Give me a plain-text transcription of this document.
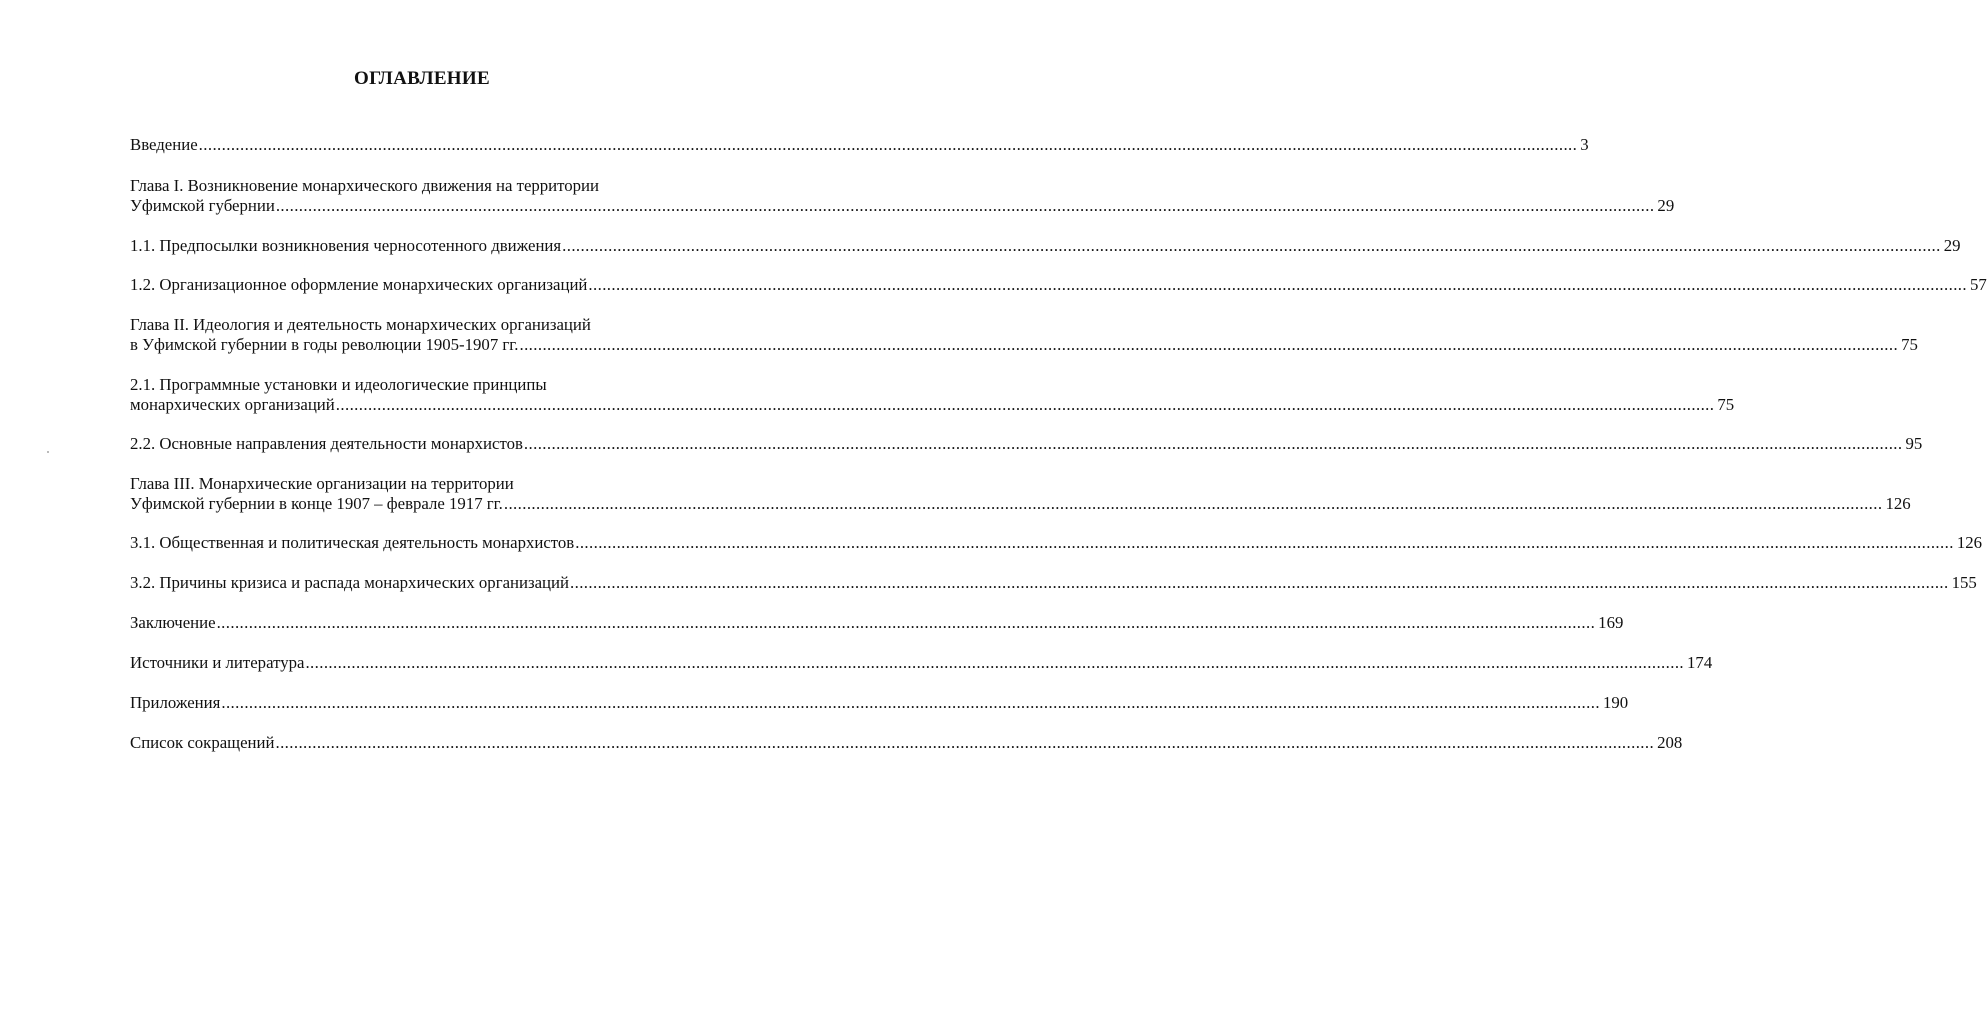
ОГЛАВЛЕНИЕ
Введение ............................................................................................................................................................................................................................................................................................................ 3
Глава I. Возникновение монархического движения на территории
Уфимской губернии ............................................................................................................................................................................................................................................................................................................ 29
1.1. Предпосылки возникновения черносотенного движения ............................................................................................................................................................................................................................................................................................................ 29
1.2. Организационное оформление монархических организаций ............................................................................................................................................................................................................................................................................................................ 57
Глава II. Идеология и деятельность монархических организаций
в Уфимской губернии в годы революции 1905-1907 гг. ............................................................................................................................................................................................................................................................................................................ 75
2.1. Программные установки и идеологические принципы
монархических организаций ............................................................................................................................................................................................................................................................................................................ 75
2.2. Основные направления деятельности монархистов ............................................................................................................................................................................................................................................................................................................ 95
Глава III. Монархические организации на территории
Уфимской губернии в конце 1907 – феврале 1917 гг. ............................................................................................................................................................................................................................................................................................................ 126
3.1. Общественная и политическая деятельность монархистов ............................................................................................................................................................................................................................................................................................................ 126
3.2. Причины кризиса и распада монархических организаций ............................................................................................................................................................................................................................................................................................................ 155
Заключение ............................................................................................................................................................................................................................................................................................................ 169
Источники и литература ............................................................................................................................................................................................................................................................................................................ 174
Приложения ............................................................................................................................................................................................................................................................................................................ 190
Список сокращений ............................................................................................................................................................................................................................................................................................................ 208
